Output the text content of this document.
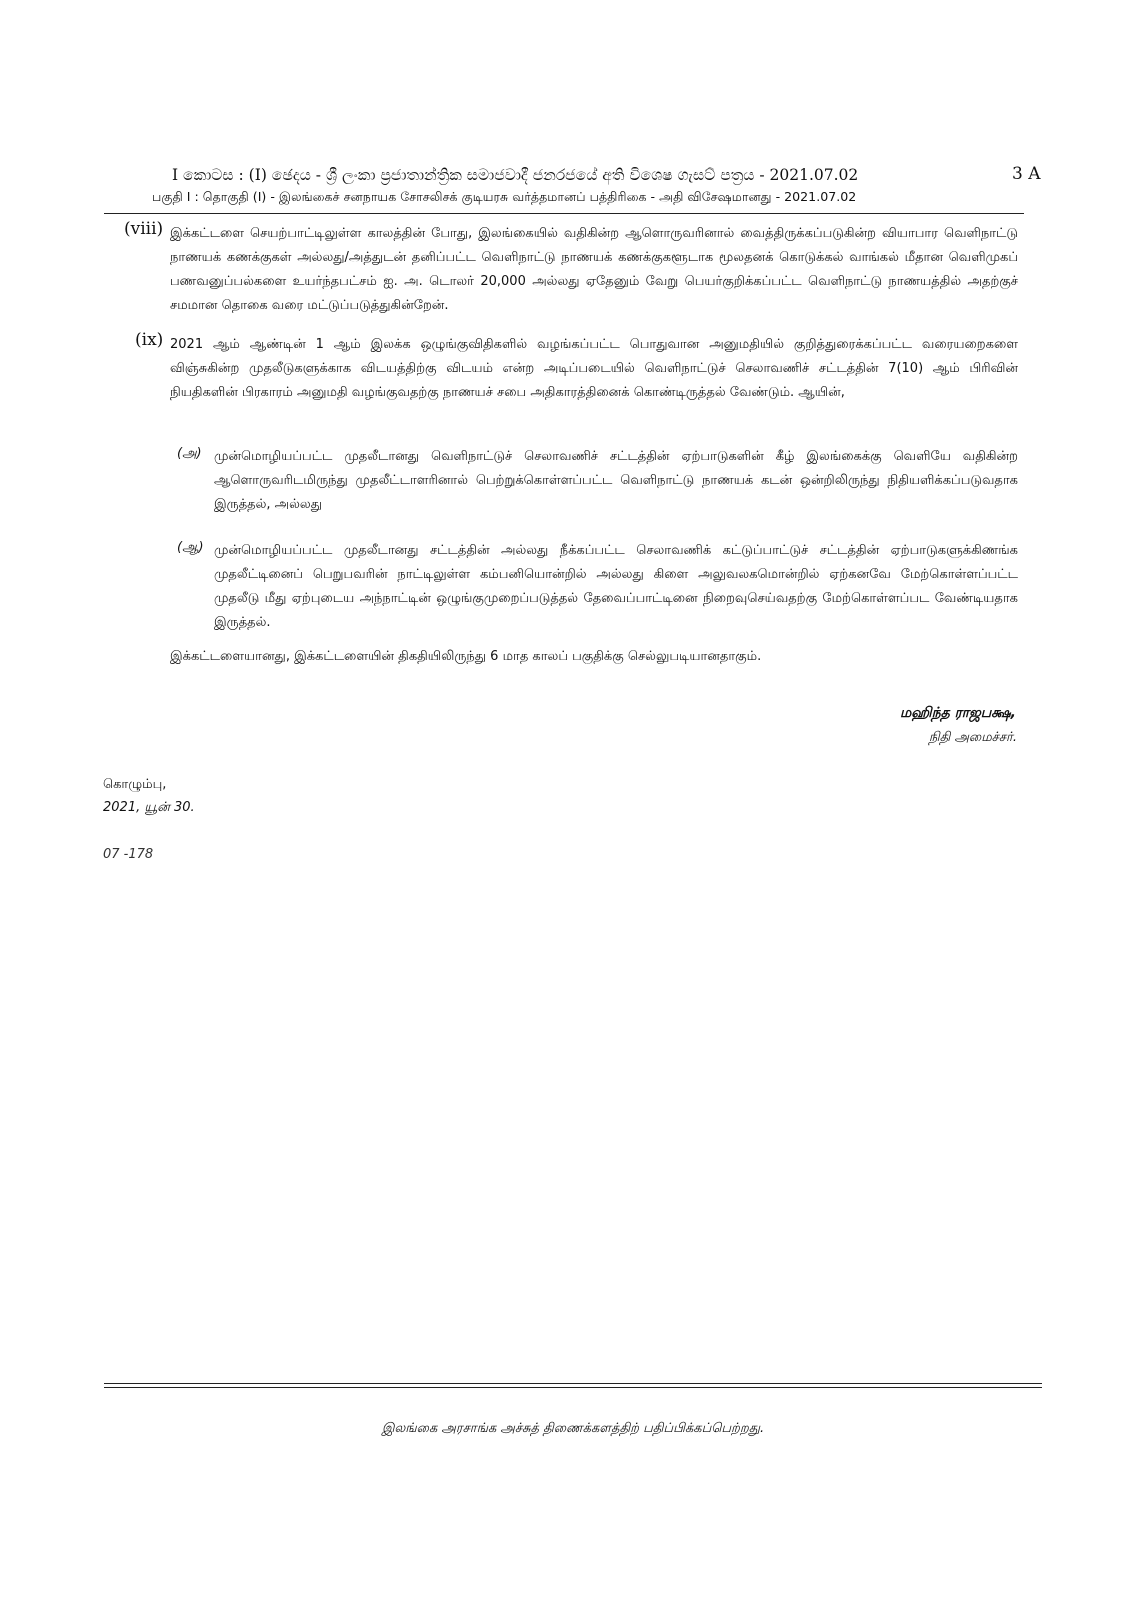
I කොටස : (I) ඡෙදය - ශ්‍රී ලංකා ප්‍රජාතාන්ත්‍රික සමාජවාදී ජනරජයේ අති විශෙෂ ගැසට් පත්‍රය - 2021.07.02	3 A
பகுதி I : தொகுதி (I) - இலங்கைச் சனநாயக சோசலிசக் குடியரசு வர்த்தமானப் பத்திரிகை - அதி விசேஷமானது - 2021.07.02
(viii) இக்கட்டளை செயற்பாட்டிலுள்ள காலத்தின் போது, இலங்கையில் வதிகின்ற ஆளொருவரினால் வைத்திருக்கப்படுகின்ற வியாபார வெளிநாட்டு நாணயக் கணக்குகள் அல்லது/அத்துடன் தனிப்பட்ட வெளிநாட்டு நாணயக் கணக்குகளூடாக மூலதனக் கொடுக்கல் வாங்கல் மீதான வெளிமுகப் பணவனுப்பல்களை உயர்ந்தபட்சம் ஐ. அ. டொலர் 20,000 அல்லது ஏதேனும் வேறு பெயர்குறிக்கப்பட்ட வெளிநாட்டு நாணயத்தில் அதற்குச் சமமான தொகை வரை மட்டுப்படுத்துகின்றேன்.

(ix) 2021 ஆம் ஆண்டின் 1 ஆம் இலக்க ஒழுங்குவிதிகளில் வழங்கப்பட்ட பொதுவான அனுமதியில் குறித்துரைக்கப்பட்ட வரையறைகளை விஞ்சுகின்ற முதலீடுகளுக்காக விடயத்திற்கு விடயம் என்ற அடிப்படையில் வெளிநாட்டுச் செலாவணிச் சட்டத்தின் 7(10) ஆம் பிரிவின் நியதிகளின் பிரகாரம் அனுமதி வழங்குவதற்கு நாணயச் சபை அதிகாரத்தினைக் கொண்டிருத்தல் வேண்டும். ஆயின்,

(அ) முன்மொழியப்பட்ட முதலீடானது வெளிநாட்டுச் செலாவணிச் சட்டத்தின் ஏற்பாடுகளின் கீழ் இலங்கைக்கு வெளியே வதிகின்ற ஆளொருவரிடமிருந்து முதலீட்டாளரினால் பெற்றுக்கொள்ளப்பட்ட வெளிநாட்டு நாணயக் கடன் ஒன்றிலிருந்து நிதியளிக்கப்படுவதாக இருத்தல், அல்லது

(ஆ) முன்மொழியப்பட்ட முதலீடானது சட்டத்தின் அல்லது நீக்கப்பட்ட செலாவணிக் கட்டுப்பாட்டுச் சட்டத்தின் ஏற்பாடுகளுக்கிணங்க முதலீட்டினைப் பெறுபவரின் நாட்டிலுள்ள கம்பனியொன்றில் அல்லது கிளை அலுவலகமொன்றில் ஏற்கனவே மேற்கொள்ளப்பட்ட முதலீடு மீது ஏற்புடைய அந்நாட்டின் ஒழுங்குமுறைப்படுத்தல் தேவைப்பாட்டினை நிறைவுசெய்வதற்கு மேற்கொள்ளப்பட வேண்டியதாக இருத்தல்.

இக்கட்டளையானது, இக்கட்டளையின் திகதியிலிருந்து 6 மாத காலப் பகுதிக்கு செல்லுபடியானதாகும்.

மஹிந்த ராஜபக்ஷ,
நிதி அமைச்சர்.
கொழும்பு,
2021, யூன் 30.
07 -178
இலங்கை அரசாங்க அச்சுத் திணைக்களத்திற் பதிப்பிக்கப்பெற்றது.
